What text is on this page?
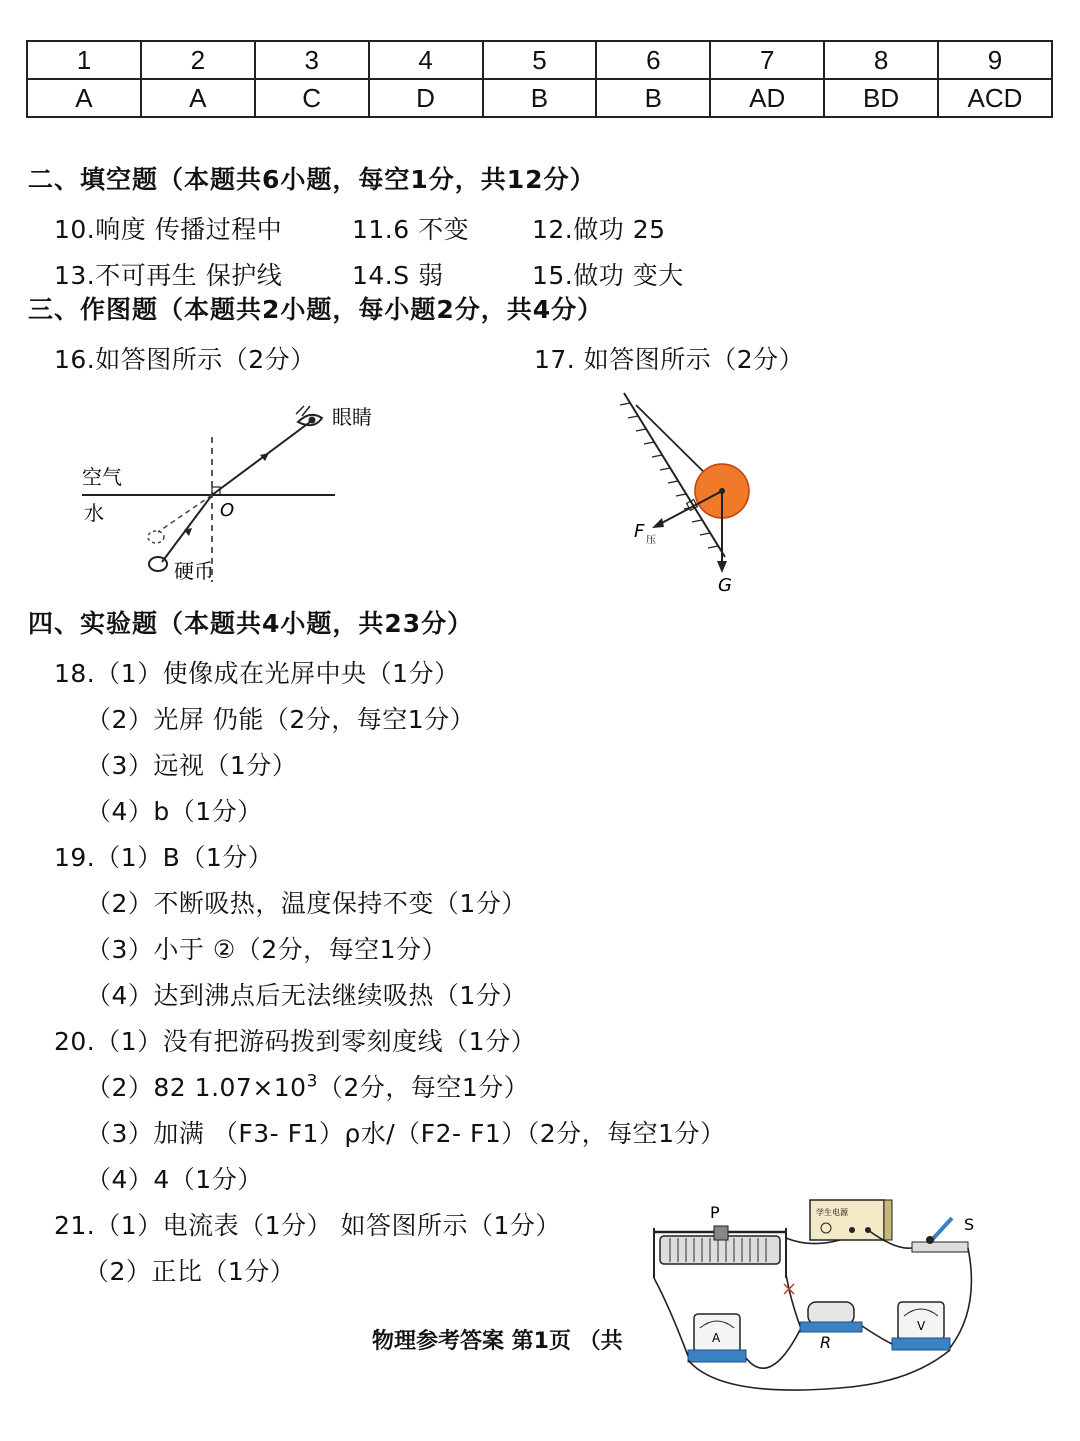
1	2	3	4	5	6	7	8	9
A	A	C	D	B	B	AD	BD	ACD
二、填空题（本题共6小题，每空1分，共12分）
10.响度 传播过程中	11.6 不变	12.做功 25
13.不可再生 保护线	14.S 弱	15.做功 变大
三、作图题（本题共2小题，每小题2分，共4分）
16.如答图所示（2分）	17. 如答图所示（2分）
眼睛
空气
水	O
硬币
F 压
G
四、实验题（本题共4小题，共23分）
18.（1）使像成在光屏中央（1分）
（2）光屏 仍能（2分，每空1分）
（3）远视（1分）
（4）b（1分）
19.（1）B（1分）
（2）不断吸热，温度保持不变（1分）
（3）小于 ②（2分，每空1分）
（4）达到沸点后无法继续吸热（1分）
20.（1）没有把游码拨到零刻度线（1分）
（2）82 $1.07\times 10^3(2$分，每空1分）
（3）加满 （F3- F1）ρ水/（F2- F1）（2分，每空1分）
（4）4（1分）
21.（1）电流表（1分） 如答图所示（1分）
（2）正比（1分）
P	学生电源
S
A	R
V
物理参考答案 第1页 （共
